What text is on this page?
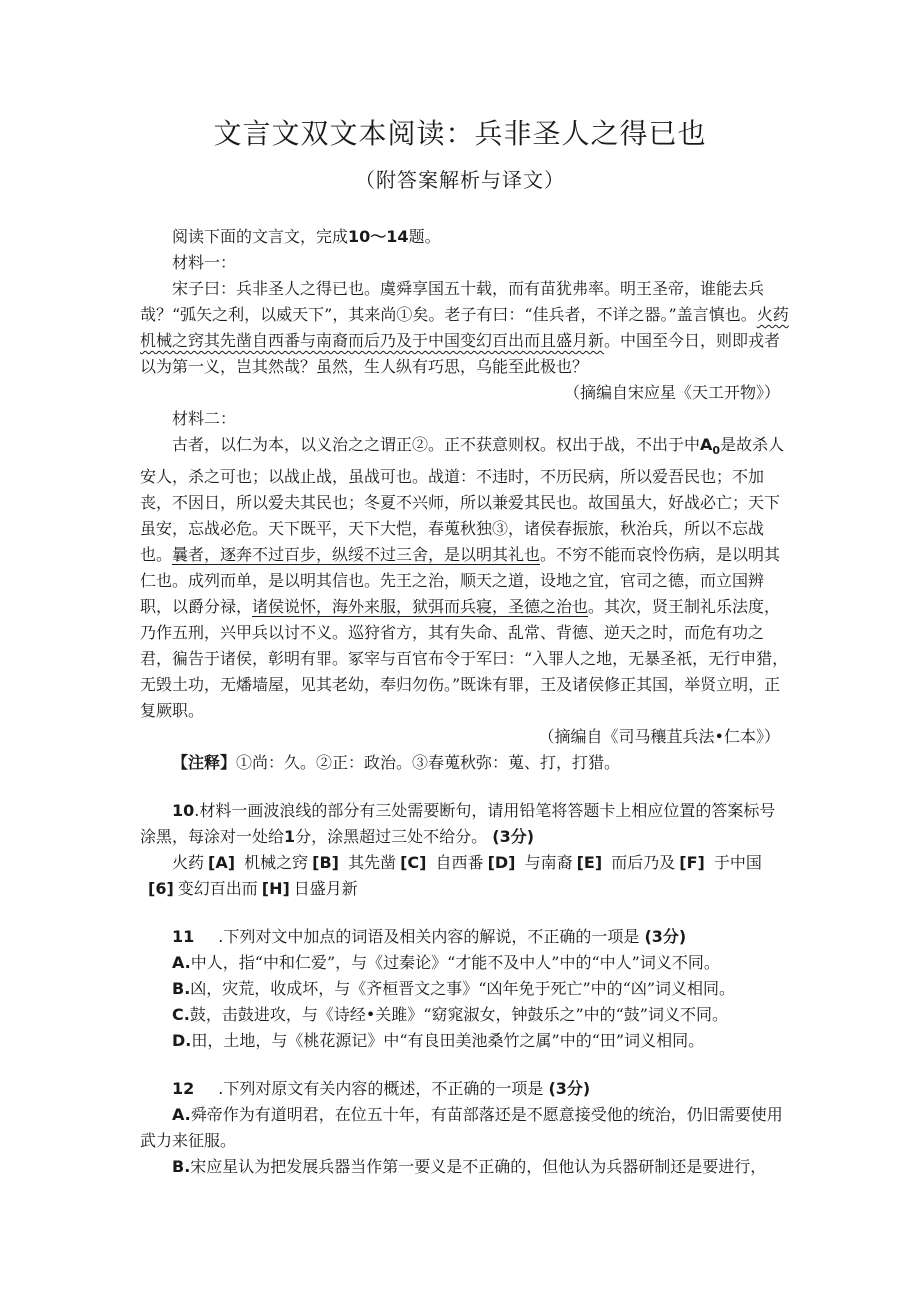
文言文双文本阅读：兵非圣人之得已也
（附答案解析与译文）

阅读下面的文言文，完成10〜14题。

材料一：

宋子曰：兵非圣人之得已也。虞舜享国五十载，而有苗犹弗率。明王圣帝，谁能去兵哉？“弧矢之利，以威天下”，其来尚①矣。老子有曰：“佳兵者，不详之器。”盖言慎也。火药机械之窍其先凿自西番与南裔而后乃及于中国变幻百出而且盛月新。中国至今日，则即戎者以为第一义，岂其然哉？虽然，生人纵有巧思，乌能至此极也？

（摘编自宋应星《天工开物》）

材料二：

古者，以仁为本，以义治之之谓正②。正不获意则权。权出于战，不出于中$A_0$是故杀人安人，杀之可也；以战止战，虽战可也。战道：不违时，不历民病，所以爱吾民也；不加丧，不因日，所以爱夫其民也；冬夏不兴师，所以兼爱其民也。故国虽大，好战必亡；天下虽安，忘战必危。天下既平，天下大恺，春蒐秋独③，诸侯春振旅，秋治兵，所以不忘战也。曩者，逐奔不过百步，纵绥不过三舍，是以明其礼也。不穷不能而哀怜伤病，是以明其仁也。成列而单，是以明其信也。先王之治，顺天之道，设地之宜，官司之德，而立国辨职，以爵分禄，诸侯说怀，海外来服，狱弭而兵寝，圣德之治也。其次，贤王制礼乐法度，乃作五刑，兴甲兵以讨不义。巡狩省方，其有失命、乱常、背德、逆天之时，而危有功之君，徧告于诸侯，彰明有罪。冢宰与百官布令于军曰：“入罪人之地，无暴圣祇，无行申猎，无毁土功，无燔墙屋，见其老幼，奉归勿伤。”既诛有罪，王及诸侯修正其国，举贤立明，正复厥职。

（摘编自《司马穰苴兵法•仁本》）

【注释】①尚：久。②正：政治。③春蒐秋弥：蒐、打，打猎。

10.材料一画波浪线的部分有三处需要断句，请用铅笔将答题卡上相应位置的答案标号涂黑，每涂对一处给1分，涂黑超过三处不给分。 (3分)

火药 [A] 机械之窍 [B] 其先凿 [C] 自西番 [D] 与南裔 [E] 而后乃及 [F] 于中国

[6] 变幻百出而 [H] 日盛月新

11 .下列对文中加点的词语及相关内容的解说，不正确的一项是 (3分)

A.中人，指“中和仁爱”，与《过秦论》“才能不及中人”中的“中人”词义不同。

B.凶，灾荒，收成坏，与《齐桓晋文之事》“凶年免于死亡”中的“凶”词义相同。

C.鼓，击鼓进攻，与《诗经•关雎》“窈窕淑女，钟鼓乐之”中的“鼓”词义不同。

D.田，土地，与《桃花源记》中“有良田美池桑竹之属”中的“田”词义相同。

12 .下列对原文有关内容的概述，不正确的一项是 (3分)

A.舜帝作为有道明君，在位五十年，有苗部落还是不愿意接受他的统治，仍旧需要使用武力来征服。

B.宋应星认为把发展兵器当作第一要义是不正确的，但他认为兵器研制还是要进行，
